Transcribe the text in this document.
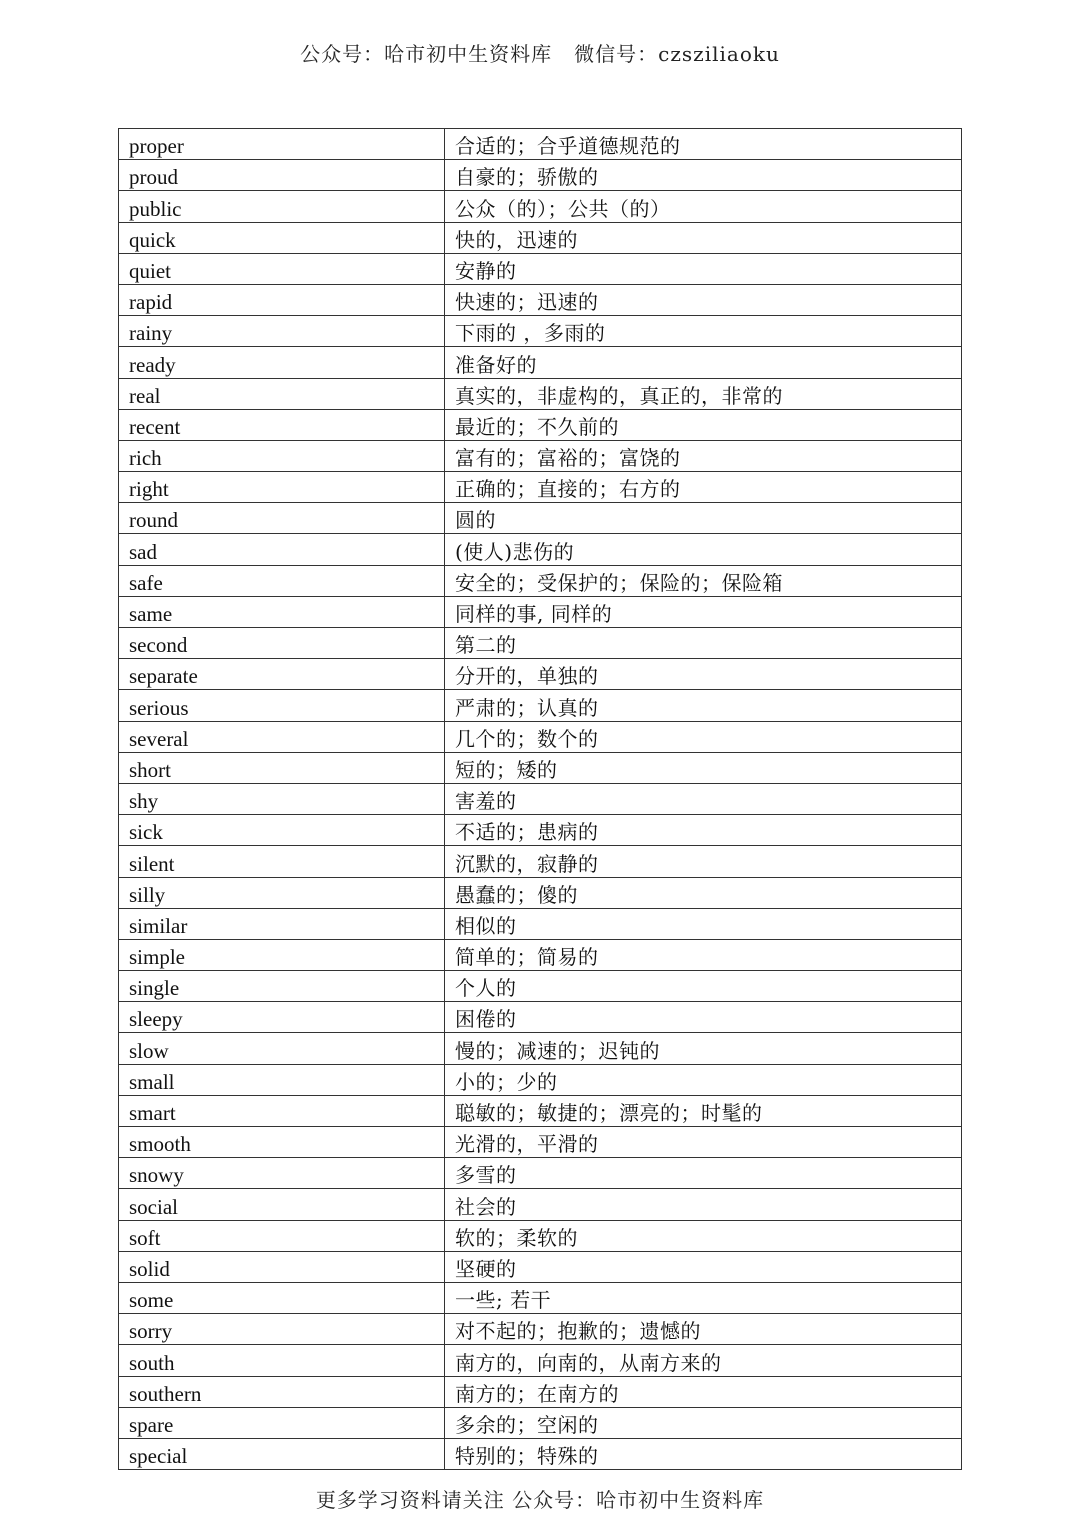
公众号：哈市初中生资料库   微信号：czsziliaoku
proper	合适的；合乎道德规范的
proud	自豪的；骄傲的
public	公众（的）；公共（的）
quick	快的，迅速的
quiet	安静的
rapid	快速的；迅速的
rainy	下雨的 ，多雨的
ready	准备好的
real	真实的，非虚构的，真正的，非常的
recent	最近的；不久前的
rich	富有的；富裕的；富饶的
right	正确的；直接的；右方的
round	圆的
sad	(使人)悲伤的
safe	安全的；受保护的；保险的；保险箱
same	同样的事, 同样的
second	第二的
separate	分开的，单独的
serious	严肃的；认真的
several	几个的；数个的
short	短的；矮的
shy	害羞的
sick	不适的；患病的
silent	沉默的，寂静的
silly	愚蠢的；傻的
similar	相似的
simple	简单的；简易的
single	个人的
sleepy	困倦的
slow	慢的；减速的；迟钝的
small	小的；少的
smart	聪敏的；敏捷的；漂亮的；时髦的
smooth	光滑的，平滑的
snowy	多雪的
social	社会的
soft	软的；柔软的
solid	坚硬的
some	一些; 若干
sorry	对不起的；抱歉的；遗憾的
south	南方的，向南的，从南方来的
southern	南方的；在南方的
spare	多余的；空闲的
special	特别的；特殊的
更多学习资料请关注 公众号：哈市初中生资料库
